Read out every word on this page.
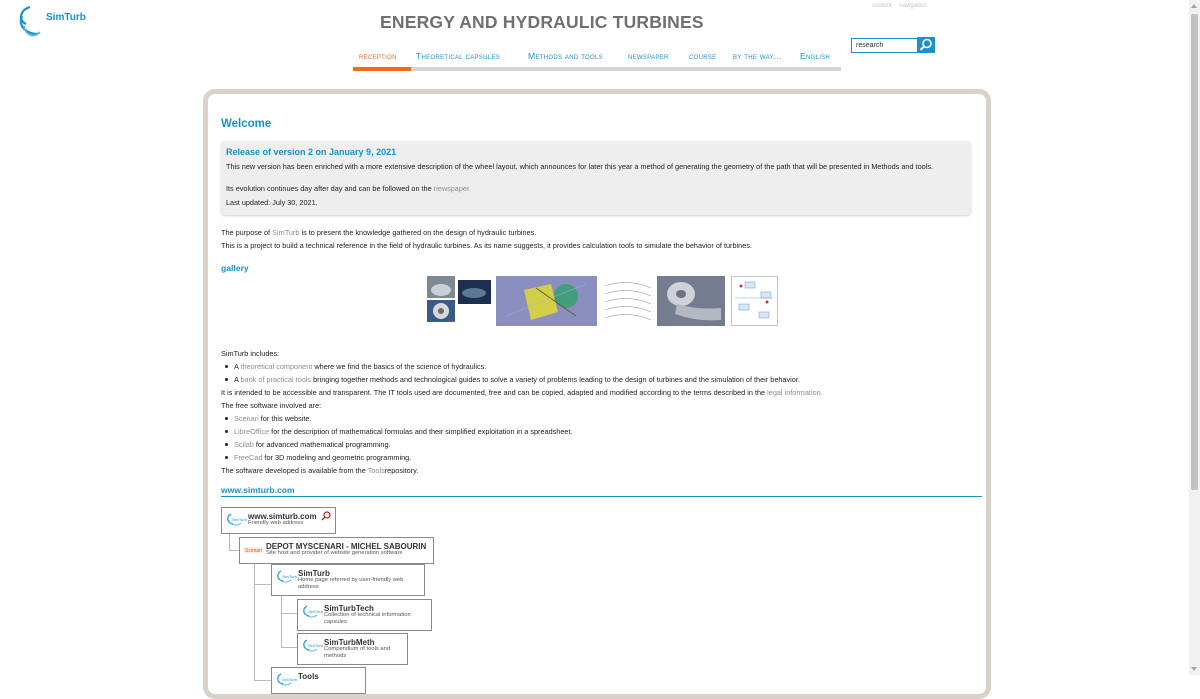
SimTurb	ENERGY AND HYDRAULIC TURBINES
content navigation
reception Theoretical capsules	Methods and tools	newspaper course by the way... English
research
Welcome
Release of version 2 on January 9, 2021
This new version has been enriched with a more extensive description of the wheel layout, which announces for later this year a method of generating the geometry of the path that will be presented in Methods and tools.
Its evolution continues day after day and can be followed on the newspaper.
Last updated: July 30, 2021.
The purpose of SimTurb is to present the knowledge gathered on the design of hydraulic turbines.
This is a project to build a technical reference in the field of hydraulic turbines. As its name suggests, it provides calculation tools to simulate the behavior of turbines.
gallery
SimTurb includes:
A theoretical component where we find the basics of the science of hydraulics.
A bank of practical tools bringing together methods and technological guides to solve a variety of problems leading to the design of turbines and the simulation of their behavior.
It is intended to be accessible and transparent. The IT tools used are documented, free and can be copied, adapted and modified according to the terms described in the legal information.
The free software involved are:
Scenari for this website.
LibreOffice for the description of mathematical formulas and their simplified exploitation in a spreadsheet.
Scilab for advanced mathematical programming.
FreeCad for 3D modeling and geometric programming.
The software developed is available from the Toolsrepository.
www.simturb.com
SimTurb www.simturb.com
Friendly web address
Scenari DEPOT MYSCENARI - MICHEL SABOURIN
Site host and provider of website generation software
SimTurb SimTurb
Home page referred by user-friendly web address
SimTurb SimTurbTech
Collection of technical information capsules
SimTurb SimTurbMeth
Compendium of tools and methods
SimTurb Tools
